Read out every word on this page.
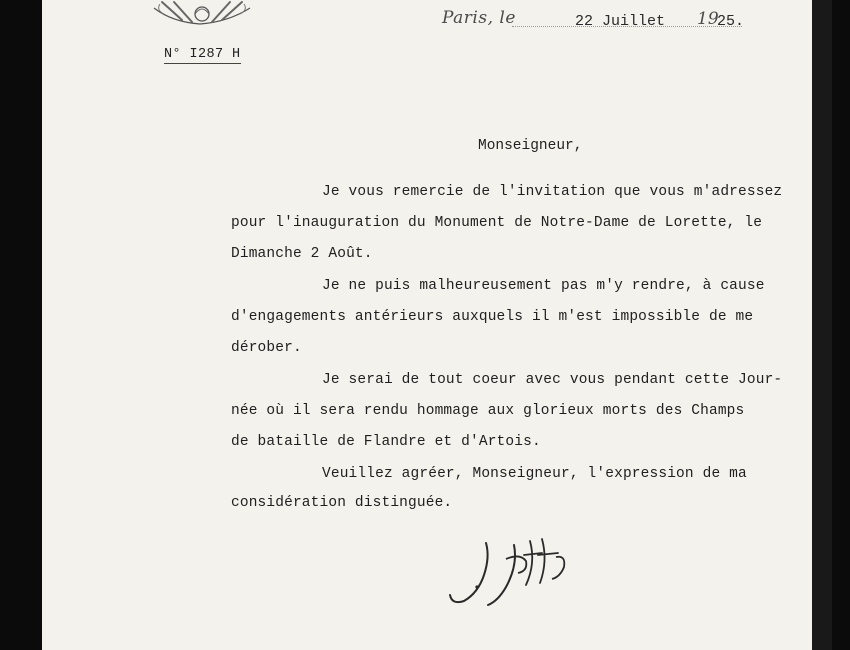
Paris, le	22 Juillet 19
25.
N° I287 H
Monseigneur,
Je vous remercie de l'invitation que vous m'adressez
pour l'inauguration du Monument de Notre-Dame de Lorette, le
Dimanche 2 Août.
Je ne puis malheureusement pas m'y rendre, à cause
d'engagements antérieurs auxquels il m'est impossible de me
dérober.
Je serai de tout coeur avec vous pendant cette Jour-
née où il sera rendu hommage aux glorieux morts des Champs
de bataille de Flandre et d'Artois.
Veuillez agréer, Monseigneur, l'expression de ma
considération distinguée.
